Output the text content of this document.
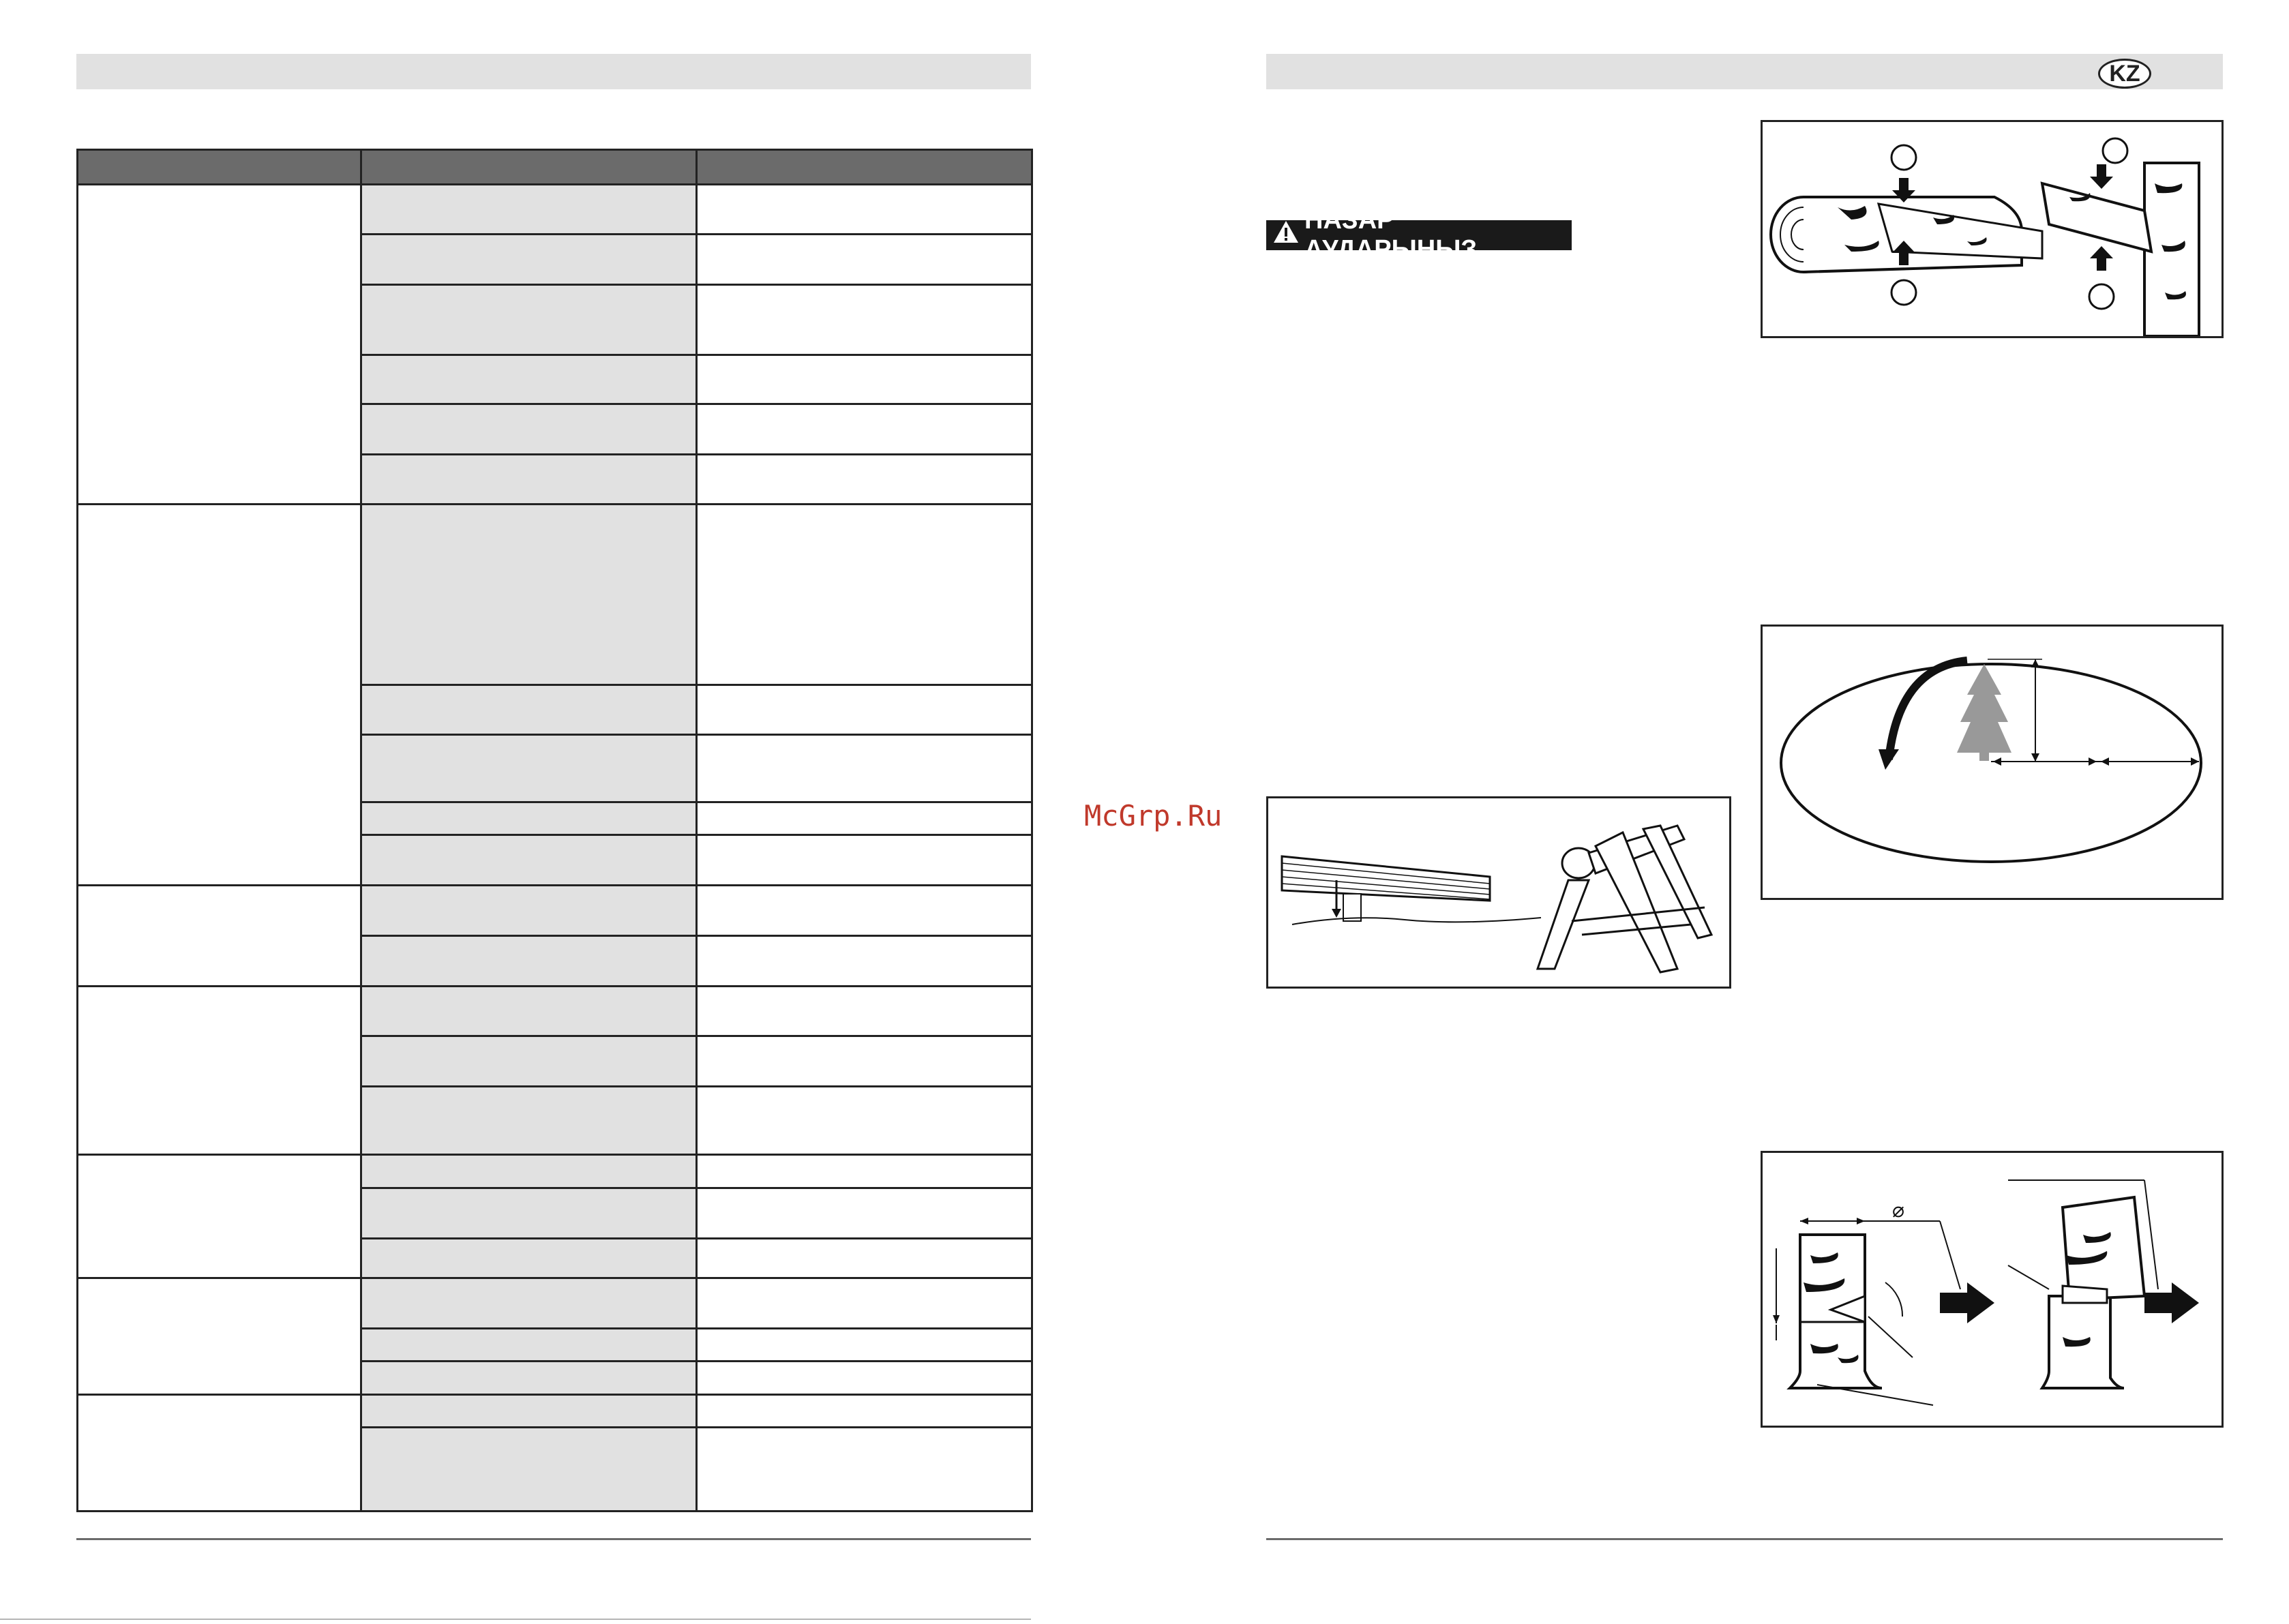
McGrp.Ru
KZ
НАЗАР АУДАРЫҢЫЗ
⌀
